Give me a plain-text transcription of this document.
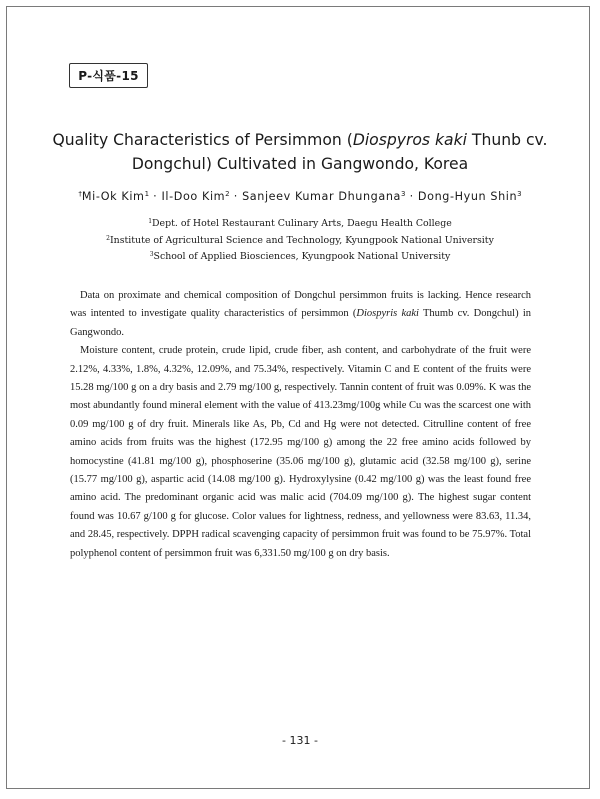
P-식품-15
Quality Characteristics of Persimmon (Diospyros kaki Thunb cv.
Dongchul) Cultivated in Gangwondo, Korea
†Mi-Ok Kim$^1$ · Il-Doo Kim$^2$ · Sanjeev Kumar Dhungana$^3$ · Dong-Hyun Shin$^3$
$^1$Dept. of Hotel Restaurant Culinary Arts, Daegu Health College
$^2$Institute of Agricultural Science and Technology, Kyungpook National University
$^3$School of Applied Biosciences, Kyungpook National University

Data on proximate and chemical composition of Dongchul persimmon fruits is lacking. Hence research was intented to investigate quality characteristics of persimmon (Diospyris kaki Thumb cv. Dongchul) in Gangwondo.

Moisture content, crude protein, crude lipid, crude fiber, ash content, and carbohydrate of the fruit were 2.12%, 4.33%, 1.8%, 4.32%, 12.09%, and 75.34%, respectively. Vitamin C and E content of the fruits were 15.28 mg/100 g on a dry basis and 2.79 mg/100 g, respectively. Tannin content of fruit was 0.09%. K was the most abundantly found mineral element with the value of 413.23mg/100g while Cu was the scarcest one with 0.09 mg/100 g of dry fruit. Minerals like As, Pb, Cd and Hg were not detected. Citrulline content of free amino acids from fruits was the highest (172.95 mg/100 g) among the 22 free amino acids followed by homocystine (41.81 mg/100 g), phosphoserine (35.06 mg/100 g), glutamic acid (32.58 mg/100 g), serine (15.77 mg/100 g), aspartic acid (14.08 mg/100 g). Hydroxylysine (0.42 mg/100 g) was the least found free amino acid. The predominant organic acid was malic acid (704.09 mg/100 g). The highest sugar content found was 10.67 g/100 g for glucose. Color values for lightness, redness, and yellowness were 83.63, 11.34, and 28.45, respectively. DPPH radical scavenging capacity of persimmon fruit was found to be 75.97%. Total polyphenol content of persimmon fruit was 6,331.50 mg/100 g on dry basis.

- 131 -
